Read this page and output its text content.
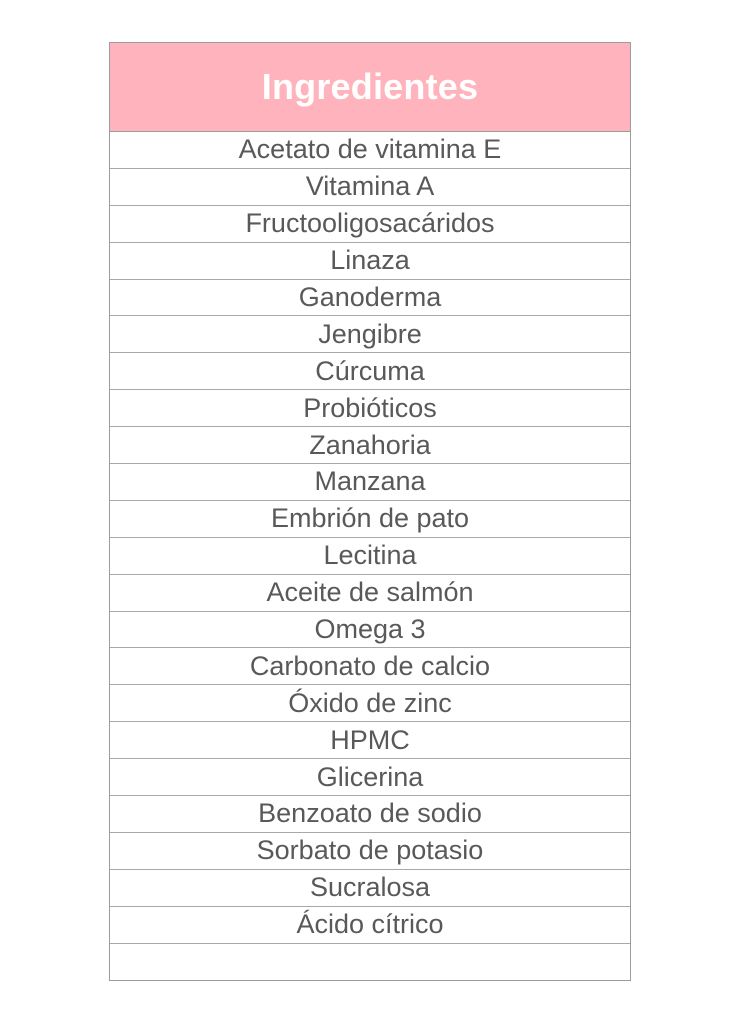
Ingredientes
Acetato de vitamina E
Vitamina A
Fructooligosacáridos
Linaza
Ganoderma
Jengibre
Cúrcuma
Probióticos
Zanahoria
Manzana
Embrión de pato
Lecitina
Aceite de salmón
Omega 3
Carbonato de calcio
Óxido de zinc
HPMC
Glicerina
Benzoato de sodio
Sorbato de potasio
Sucralosa
Ácido cítrico
